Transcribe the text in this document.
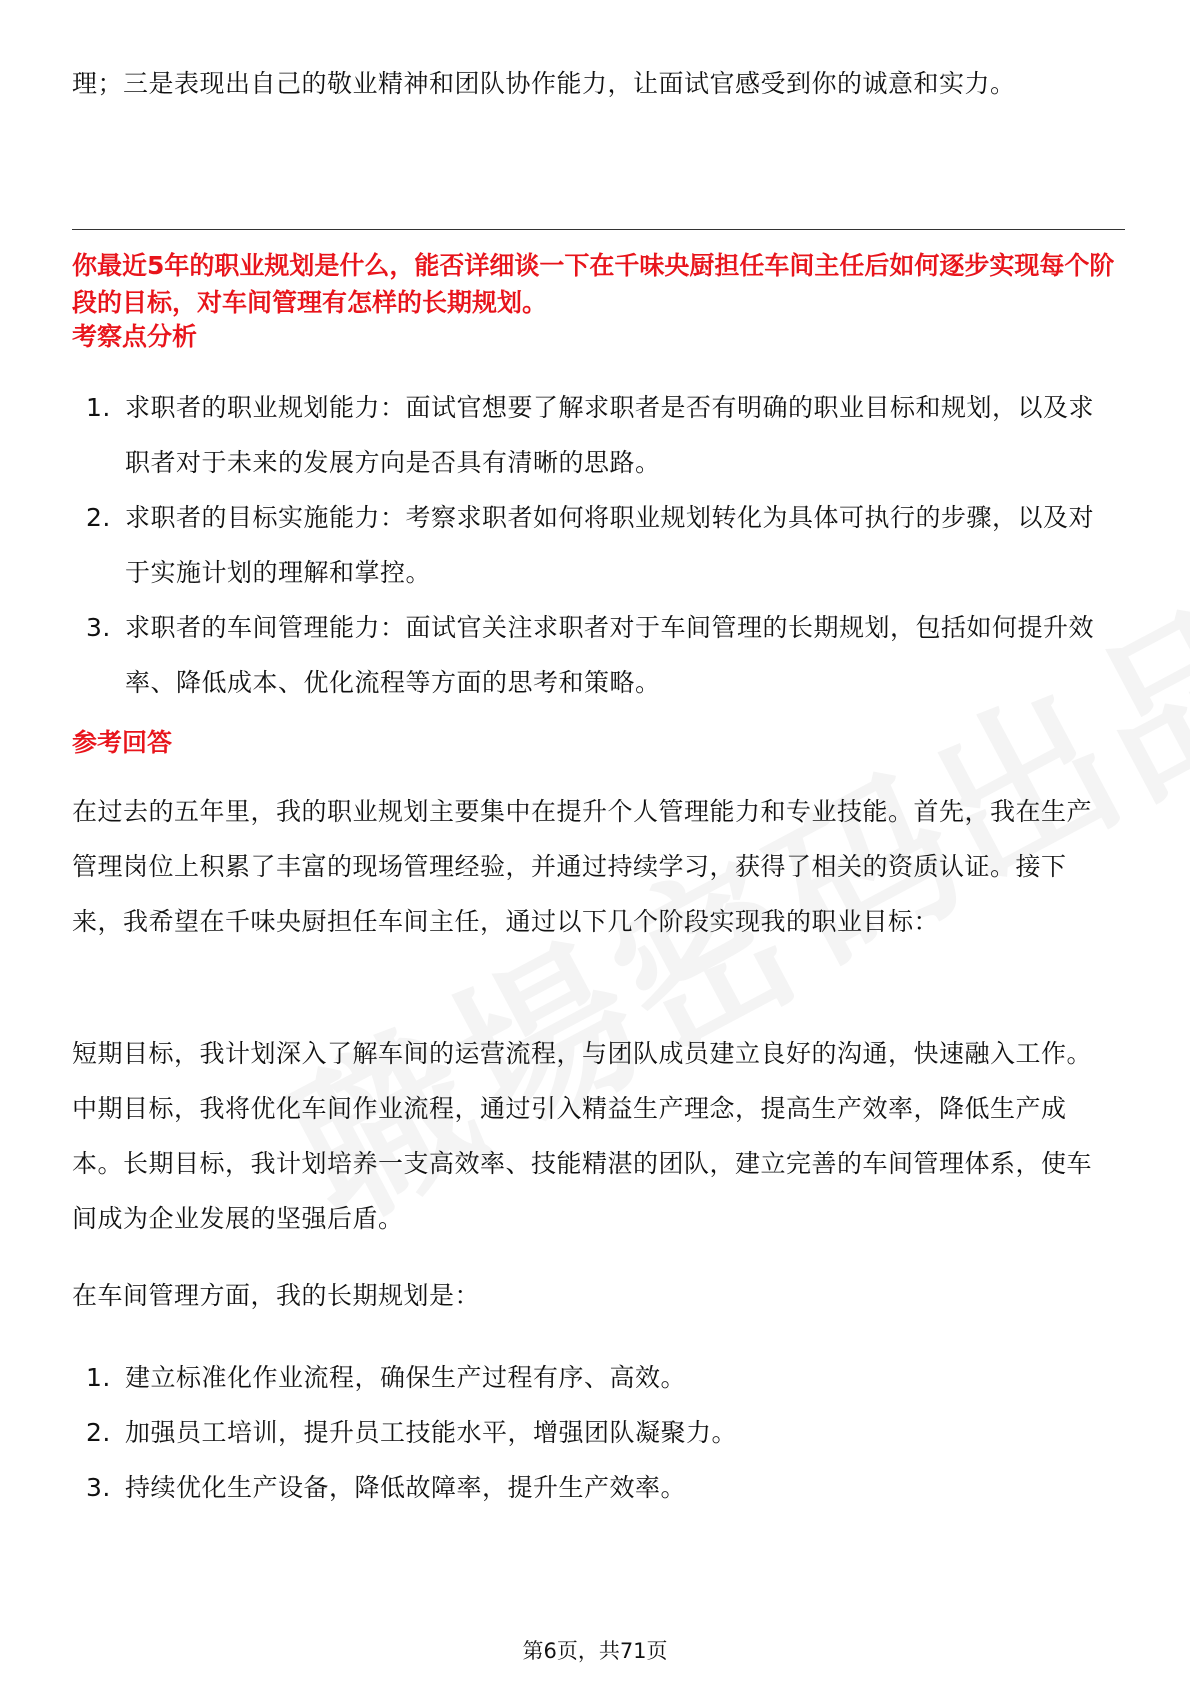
理；三是表现出自己的敬业精神和团队协作能力，让面试官感受到你的诚意和实力。
你最近5年的职业规划是什么，能否详细谈一下在千味央厨担任车间主任后如何逐步实现每个阶段的目标，对车间管理有怎样的长期规划。
考察点分析
1. 求职者的职业规划能力：面试官想要了解求职者是否有明确的职业目标和规划，以及求职者对于未来的发展方向是否具有清晰的思路。
2. 求职者的目标实施能力：考察求职者如何将职业规划转化为具体可执行的步骤，以及对于实施计划的理解和掌控。
3. 求职者的车间管理能力：面试官关注求职者对于车间管理的长期规划，包括如何提升效率、降低成本、优化流程等方面的思考和策略。
参考回答
在过去的五年里，我的职业规划主要集中在提升个人管理能力和专业技能。首先，我在生产管理岗位上积累了丰富的现场管理经验，并通过持续学习，获得了相关的资质认证。接下来，我希望在千味央厨担任车间主任，通过以下几个阶段实现我的职业目标：
短期目标，我计划深入了解车间的运营流程，与团队成员建立良好的沟通，快速融入工作。中期目标，我将优化车间作业流程，通过引入精益生产理念，提高生产效率，降低生产成本。长期目标，我计划培养一支高效率、技能精湛的团队，建立完善的车间管理体系，使车间成为企业发展的坚强后盾。
在车间管理方面，我的长期规划是：
1. 建立标准化作业流程，确保生产过程有序、高效。
2. 加强员工培训，提升员工技能水平，增强团队凝聚力。
3. 持续优化生产设备，降低故障率，提升生产效率。
第6页，共71页
